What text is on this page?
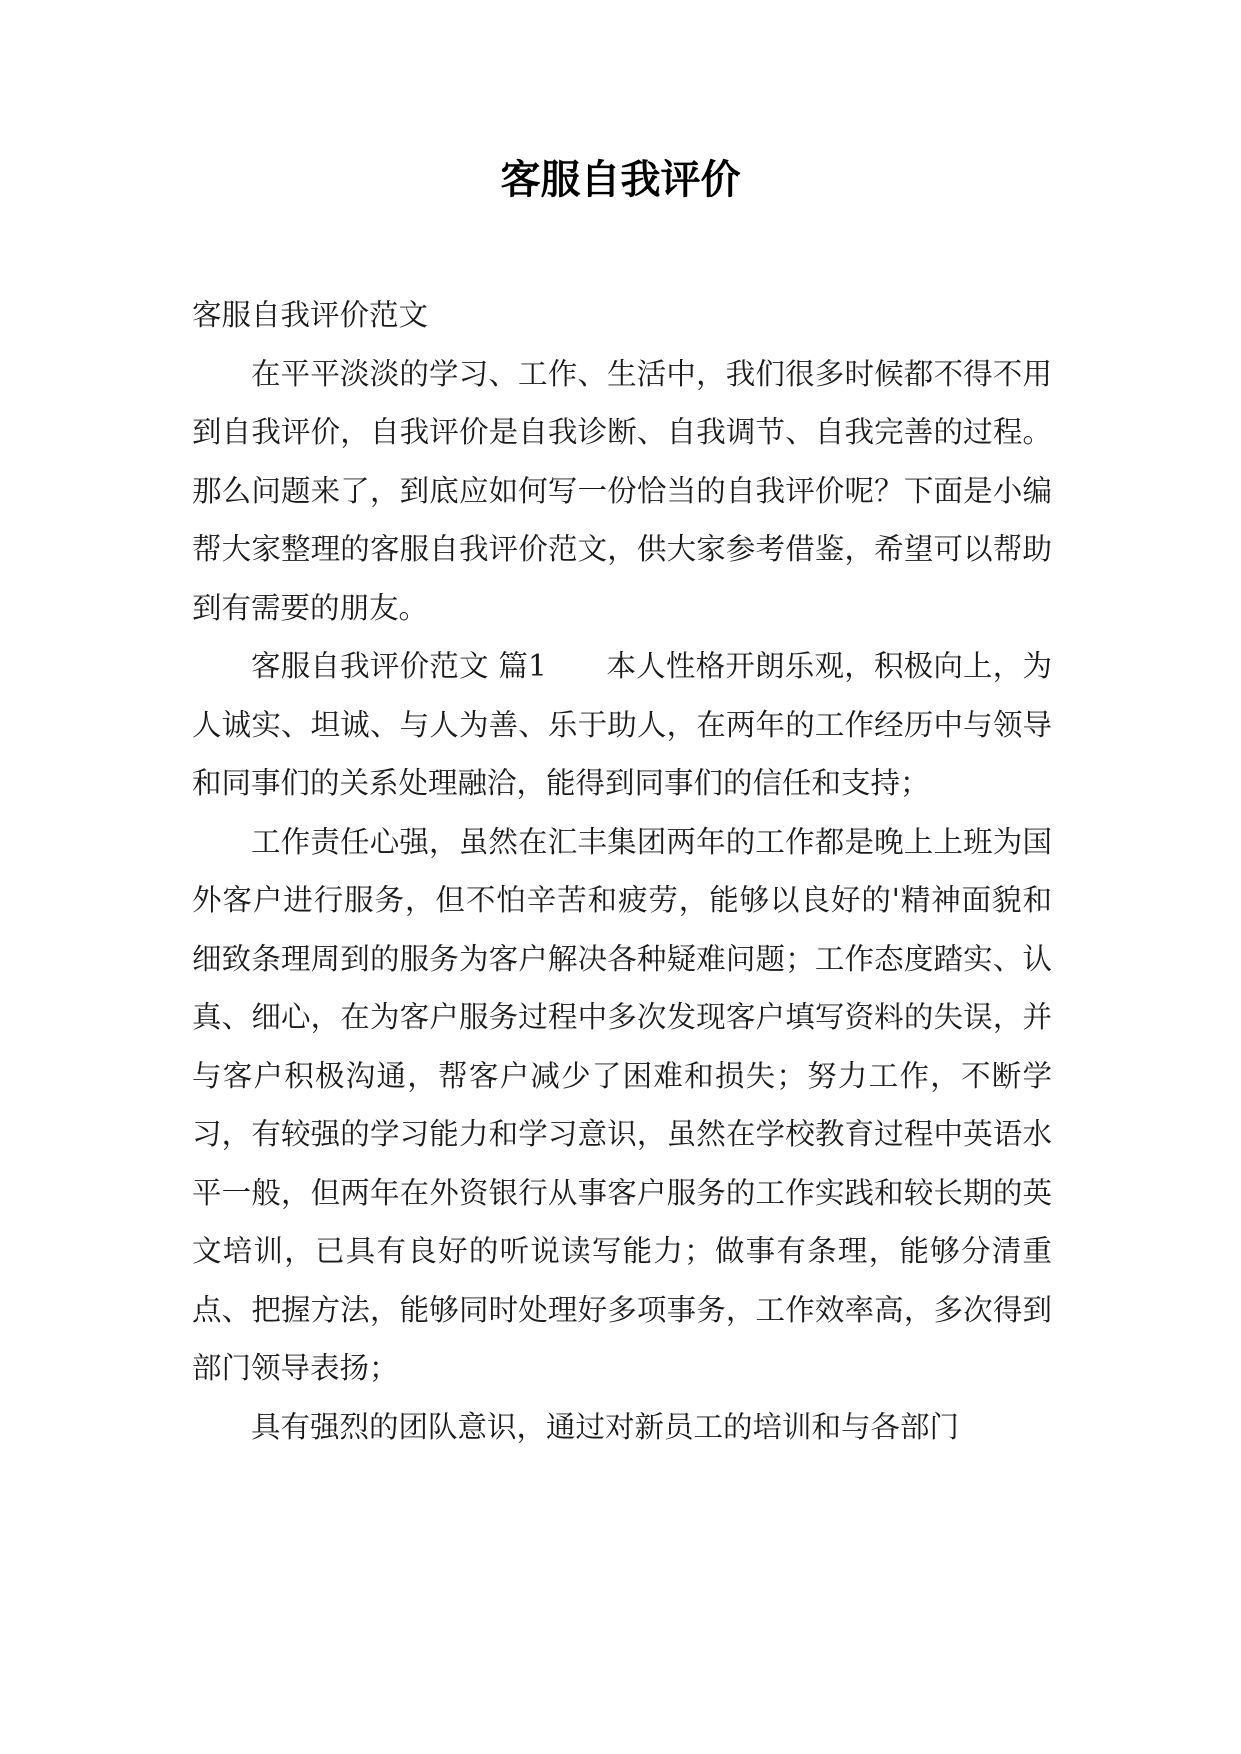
客服自我评价

客服自我评价范文

在平平淡淡的学习、工作、生活中，我们很多时候都不得不用到自我评价，自我评价是自我诊断、自我调节、自我完善的过程。那么问题来了，到底应如何写一份恰当的自我评价呢？下面是小编帮大家整理的客服自我评价范文，供大家参考借鉴，希望可以帮助到有需要的朋友。

客服自我评价范文 篇1　　本人性格开朗乐观，积极向上，为人诚实、坦诚、与人为善、乐于助人，在两年的工作经历中与领导和同事们的关系处理融洽，能得到同事们的信任和支持；

工作责任心强，虽然在汇丰集团两年的工作都是晚上上班为国外客户进行服务，但不怕辛苦和疲劳，能够以良好的'精神面貌和细致条理周到的服务为客户解决各种疑难问题；工作态度踏实、认真、细心，在为客户服务过程中多次发现客户填写资料的失误，并与客户积极沟通，帮客户减少了困难和损失；努力工作，不断学习，有较强的学习能力和学习意识，虽然在学校教育过程中英语水平一般，但两年在外资银行从事客户服务的工作实践和较长期的英文培训，已具有良好的听说读写能力；做事有条理，能够分清重点、把握方法，能够同时处理好多项事务，工作效率高，多次得到部门领导表扬；

具有强烈的团队意识，通过对新员工的培训和与各部门
